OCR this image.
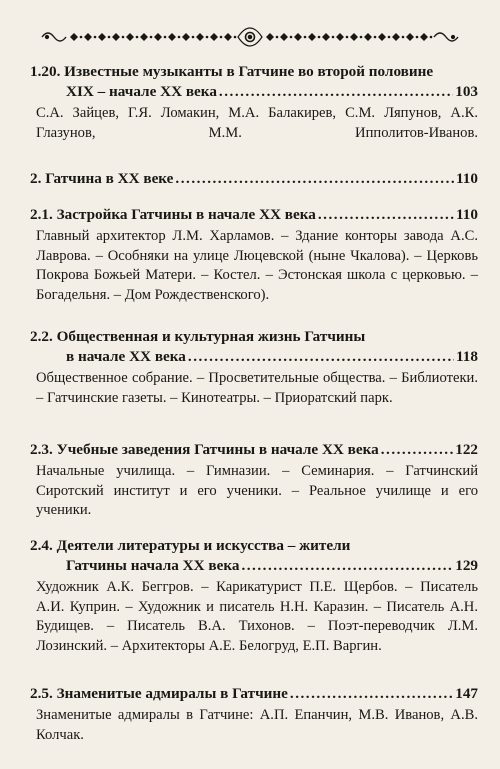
1.20. Известные музыканты в Гатчине во второй половине
XIX – начале XX века .....	103
С.А. Зайцев, Г.Я. Ломакин, М.А. Балакирев, С.М. Ляпунов, А.К. Глазунов, М.М. Ипполитов-Иванов.
2. Гатчина в XX веке .....	110
2.1. Застройка Гатчины в начале XX века .....	110
Главный архитектор Л.М. Харламов. – Здание конторы завода А.С. Лаврова. – Особняки на улице Люцевской (ныне Чкалова). – Церковь Покрова Божьей Матери. – Костел. – Эстонская школа с церковью. – Богадельня. – Дом Рождественского).
2.2. Общественная и культурная жизнь Гатчины
в начале XX века .....	118
Общественное собрание. – Просветительные общества. – Библиотеки. – Гатчинские газеты. – Кинотеатры. – Приоратский парк.
2.3. Учебные заведения Гатчины в начале XX века .....	122
Начальные училища. – Гимназии. – Семинария. – Гатчинский Сиротский институт и его ученики. – Реальное училище и его ученики.
2.4. Деятели литературы и искусства – жители
Гатчины начала XX века .....	129
Художник А.К. Беггров. – Карикатурист П.Е. Щербов. – Писатель А.И. Куприн. – Художник и писатель Н.Н. Каразин. – Писатель А.Н. Будищев. – Писатель В.А. Тихонов. – Поэт-переводчик Л.М. Лозинский. – Архитекторы А.Е. Белогруд, Е.П. Варгин.
2.5. Знаменитые адмиралы в Гатчине .....	147
Знаменитые адмиралы в Гатчине: А.П. Епанчин, М.В. Иванов, А.В. Колчак.
